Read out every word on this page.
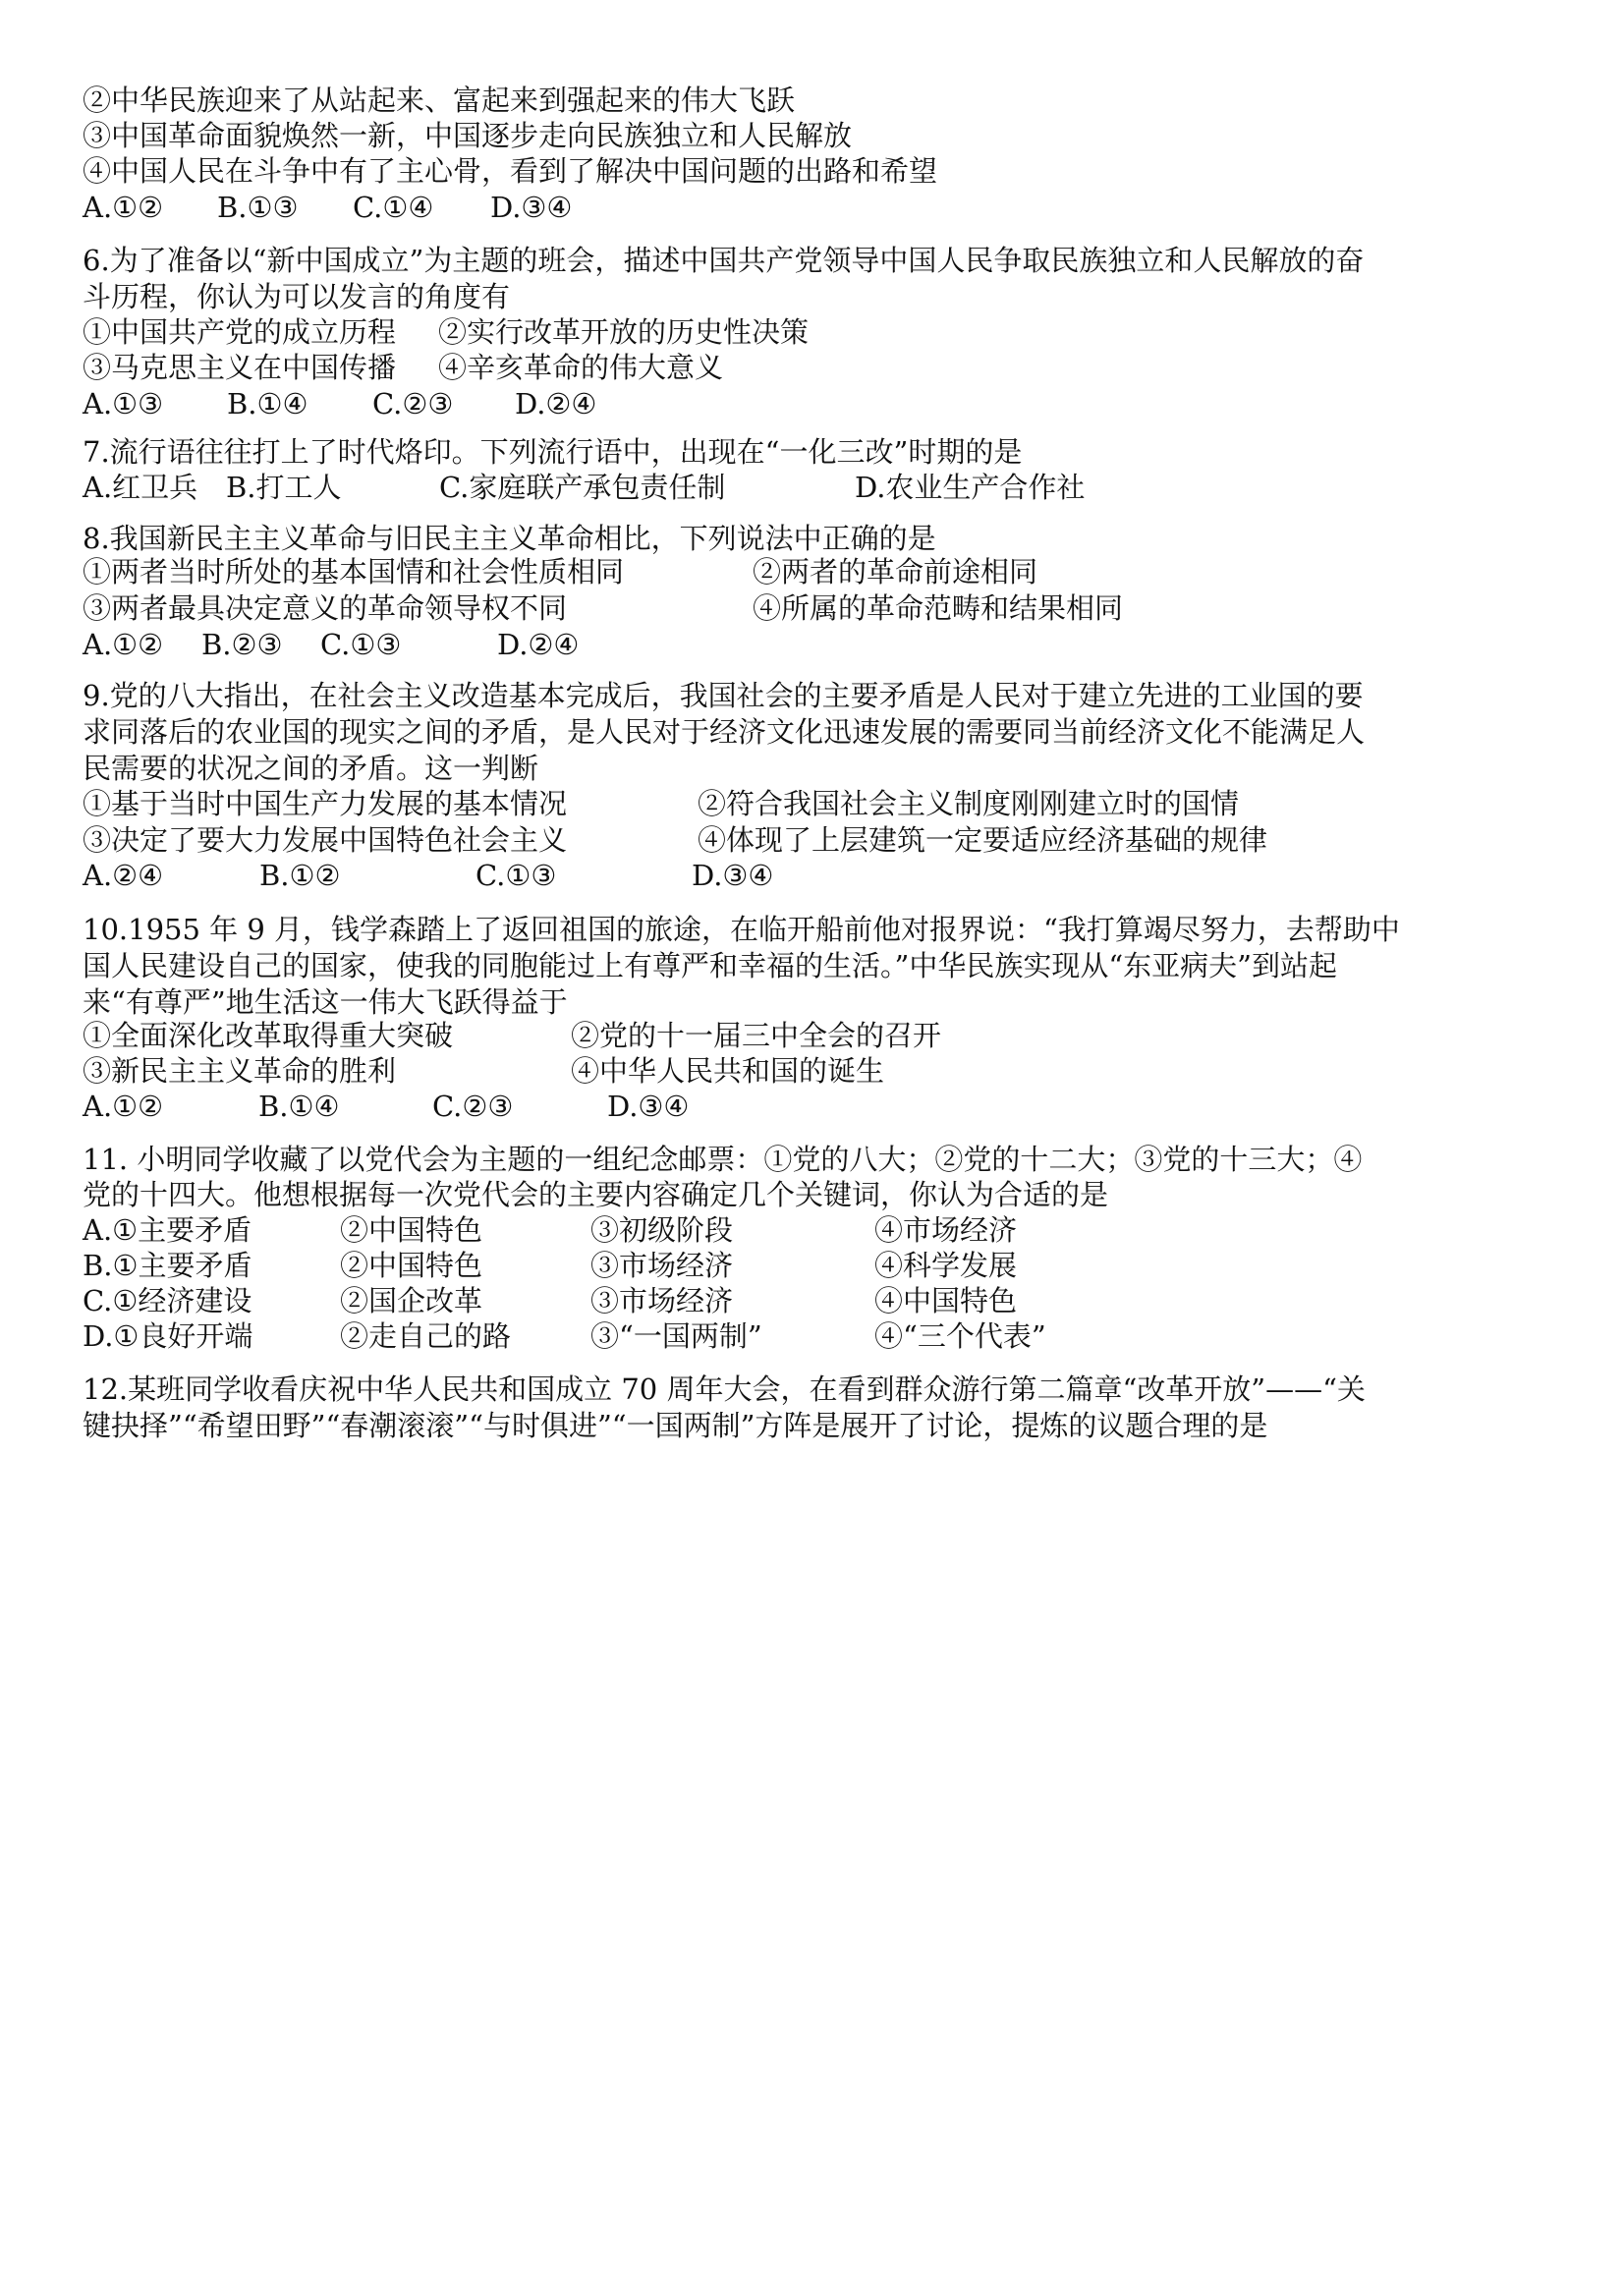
②中华民族迎来了从站起来、富起来到强起来的伟大飞跃
③中国革命面貌焕然一新，中国逐步走向民族独立和人民解放
④中国人民在斗争中有了主心骨，看到了解决中国问题的出路和希望
A.①②	B.①③	C.①④	D.③④
6.为了准备以“新中国成立”为主题的班会，描述中国共产党领导中国人民争取民族独立和人民解放的奋
斗历程，你认为可以发言的角度有
①中国共产党的成立历程	②实行改革开放的历史性决策
③马克思主义在中国传播	④辛亥革命的伟大意义
A.①③	B.①④	C.②③	D.②④
7.流行语往往打上了时代烙印。下列流行语中，出现在“一化三改”时期的是
A.红卫兵 B.打工人	C.家庭联产承包责任制	D.农业生产合作社
8.我国新民主主义革命与旧民主主义革命相比，下列说法中正确的是
①两者当时所处的基本国情和社会性质相同	②两者的革命前途相同
③两者最具决定意义的革命领导权不同	④所属的革命范畴和结果相同
A.①②	B.②③	C.①③	D.②④
9.党的八大指出，在社会主义改造基本完成后，我国社会的主要矛盾是人民对于建立先进的工业国的要
求同落后的农业国的现实之间的矛盾，是人民对于经济文化迅速发展的需要同当前经济文化不能满足人
民需要的状况之间的矛盾。这一判断
①基于当时中国生产力发展的基本情况	②符合我国社会主义制度刚刚建立时的国情
③决定了要大力发展中国特色社会主义	④体现了上层建筑一定要适应经济基础的规律
A.②④	B.①②	C.①③	D.③④
10.1955 年 9 月，钱学森踏上了返回祖国的旅途，在临开船前他对报界说：“我打算竭尽努力，去帮助中
国人民建设自己的国家，使我的同胞能过上有尊严和幸福的生活。”中华民族实现从“东亚病夫”到站起
来“有尊严”地生活这一伟大飞跃得益于
①全面深化改革取得重大突破	②党的十一届三中全会的召开
③新民主主义革命的胜利	④中华人民共和国的诞生
A.①②	B.①④	C.②③	D.③④
11. 小明同学收藏了以党代会为主题的一组纪念邮票：①党的八大；②党的十二大；③党的十三大；④
党的十四大。他想根据每一次党代会的主要内容确定几个关键词，你认为合适的是
A.①主要矛盾	②中国特色	③初级阶段	④市场经济
B.①主要矛盾	②中国特色	③市场经济	④科学发展
C.①经济建设	②国企改革	③市场经济	④中国特色
D.①良好开端	②走自己的路	③“一国两制”	④“三个代表”
12.某班同学收看庆祝中华人民共和国成立 70 周年大会，在看到群众游行第二篇章“改革开放”——“关
键抉择”“希望田野”“春潮滚滚”“与时俱进”“一国两制”方阵是展开了讨论，提炼的议题合理的是
